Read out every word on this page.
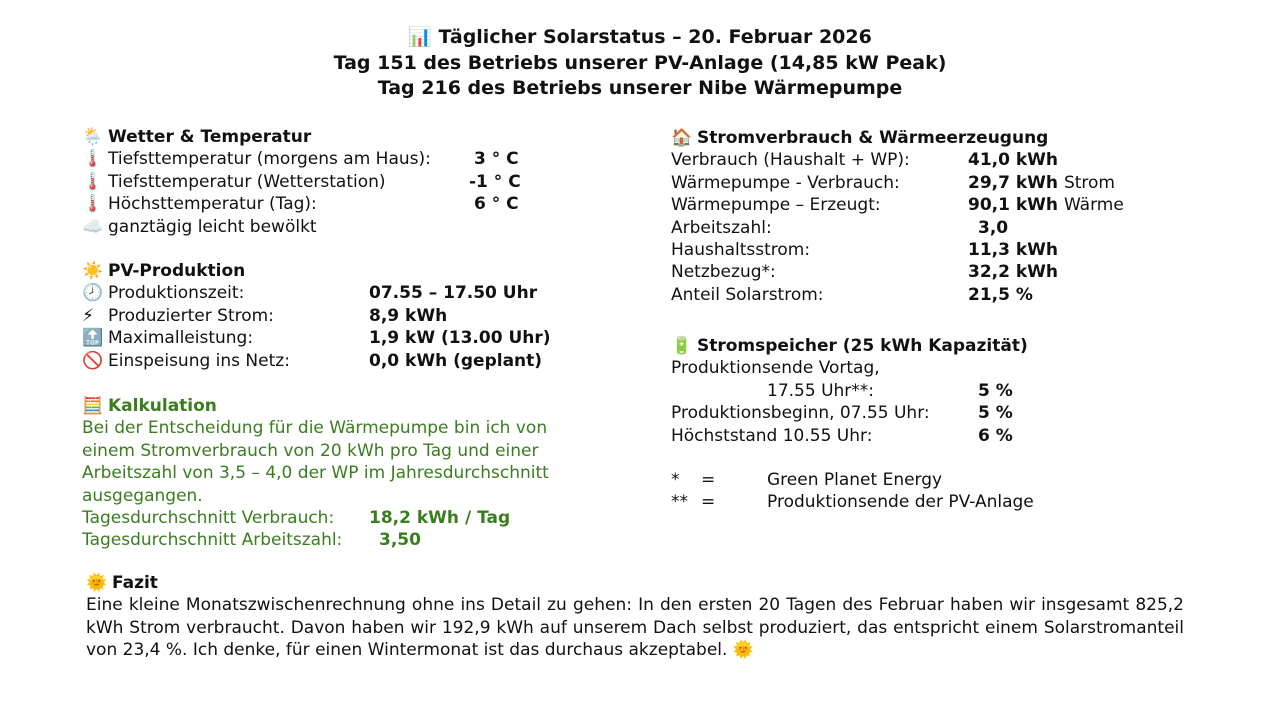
📊 Täglicher Solarstatus – 20. Februar 2026
Tag 151 des Betriebs unserer PV-Anlage (14,85 kW Peak)
Tag 216 des Betriebs unserer Nibe Wärmepumpe
🌦️ Wetter & Temperatur
🌡️ Tiefsttemperatur (morgens am Haus):	3 ° C
🌡️ Tiefsttemperatur (Wetterstation)	-1 ° C
🌡️ Höchsttemperatur (Tag):	6 ° C
☁️ ganztägig leicht bewölkt
☀️ PV-Produktion
🕗 Produktionszeit:	07.55 – 17.50 Uhr
⚡ Produzierter Strom:	8,9 kWh
🔝 Maximalleistung:	1,9 kW (13.00 Uhr)
🚫 Einspeisung ins Netz:	0,0 kWh (geplant)
🧮 Kalkulation
Bei der Entscheidung für die Wärmepumpe bin ich von
einem Stromverbrauch von 20 kWh pro Tag und einer
Arbeitszahl von 3,5 – 4,0 der WP im Jahresdurchschnitt
ausgegangen.
Tagesdurchschnitt Verbrauch: 18,2 kWh / Tag
Tagesdurchschnitt Arbeitszahl: 3,50
🏠 Stromverbrauch & Wärmeerzeugung
Verbrauch (Haushalt + WP):	41,0 kWh
Wärmepumpe - Verbrauch:	29,7 kWh Strom
Wärmepumpe – Erzeugt:	90,1 kWh Wärme
Arbeitszahl:	3,0
Haushaltsstrom:	11,3 kWh
Netzbezug*:	32,2 kWh
Anteil Solarstrom:	21,5 %
🔋 Stromspeicher (25 kWh Kapazität)
Produktionsende Vortag,
17.55 Uhr**:	5 %
Produktionsbeginn, 07.55 Uhr:	5 %
Höchststand 10.55 Uhr:	6 %
* =	Green Planet Energy
** =	Produktionsende der PV-Anlage
🌞 Fazit
Eine kleine Monatszwischenrechnung ohne ins Detail zu gehen: In den ersten 20 Tagen des Februar haben wir insgesamt 825,2 kWh Strom verbraucht. Davon haben wir 192,9 kWh auf unserem Dach selbst produziert, das entspricht einem Solarstromanteil von 23,4 %. Ich denke, für einen Wintermonat ist das durchaus akzeptabel. 🌞
